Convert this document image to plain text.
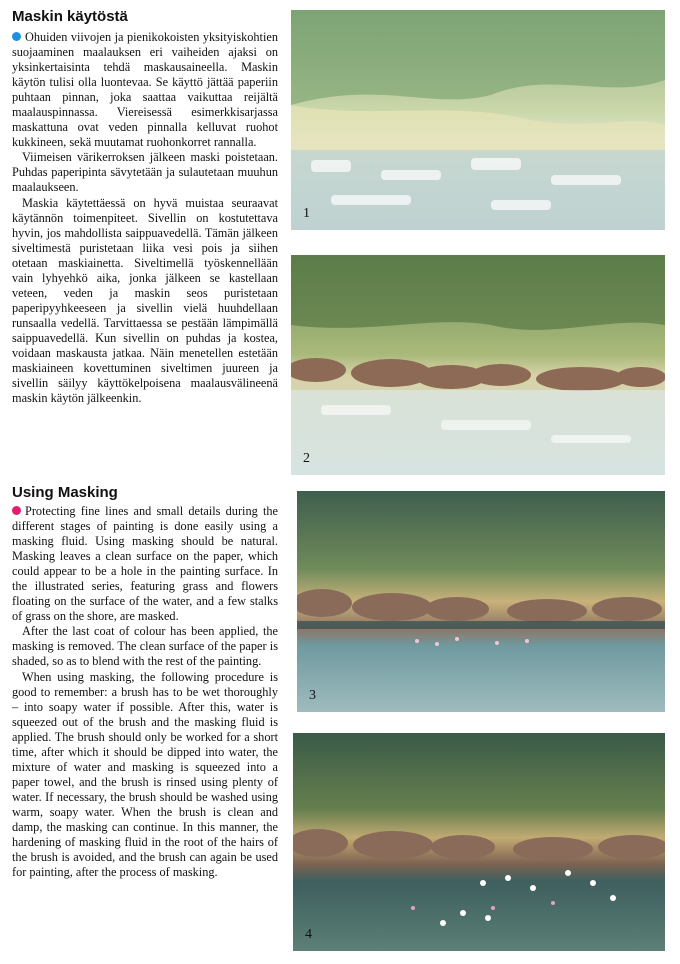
Maskin käytöstä

Ohuiden viivojen ja pienikokoisten yksityiskohtien suojaaminen maalauksen eri vaiheiden ajaksi on yksinkertaisinta tehdä maskausaineella. Maskin käytön tulisi olla luontevaa. Se käyttö jättää paperiin puhtaan pinnan, joka saattaa vaikuttaa reijältä maalauspinnassa. Viereisessä esimerkkisarjassa maskattuna ovat veden pinnalla kelluvat ruohot kukkineen, sekä muutamat ruohonkorret rannalla.

Viimeisen värikerroksen jälkeen maski poistetaan. Puhdas paperipinta sävytetään ja sulautetaan muuhun maalaukseen.

Maskia käytettäessä on hyvä muistaa seuraavat käytännön toimenpiteet. Sivellin on kostutettava hyvin, jos mahdollista saippuavedellä. Tämän jälkeen siveltimestä puristetaan liika vesi pois ja siihen otetaan maskiainetta. Siveltimellä työskennellään vain lyhyehkö aika, jonka jälkeen se kastellaan veteen, veden ja maskin seos puristetaan paperipyyhkeeseen ja sivellin vielä huuhdellaan runsaalla vedellä. Tarvittaessa se pestään lämpimällä saippuavedellä. Kun sivellin on puhdas ja kostea, voidaan maskausta jatkaa. Näin menetellen estetään maskiaineen kovettuminen siveltimen juureen ja sivellin säilyy käyttökelpoisena maalausvälineenä maskin käytön jälkeenkin.

Using Masking

Protecting fine lines and small details during the different stages of painting is done easily using a masking fluid. Using masking should be natural. Masking leaves a clean surface on the paper, which could appear to be a hole in the painting surface. In the illustrated series, featuring grass and flowers floating on the surface of the water, and a few stalks of grass on the shore, are masked.

After the last coat of colour has been applied, the masking is removed. The clean surface of the paper is shaded, so as to blend with the rest of the painting.

When using masking, the following procedure is good to remember: a brush has to be wet thoroughly – into soapy water if possible. After this, water is squeezed out of the brush and the masking fluid is applied. The brush should only be worked for a short time, after which it should be dipped into water, the mixture of water and masking is squeezed into a paper towel, and the brush is rinsed using plenty of water. If necessary, the brush should be washed using warm, soapy water. When the brush is clean and damp, the masking can continue. In this manner, the hardening of masking fluid in the root of the hairs of the brush is avoided, and the brush can again be used for painting, after the process of masking.

1
2
3
4
